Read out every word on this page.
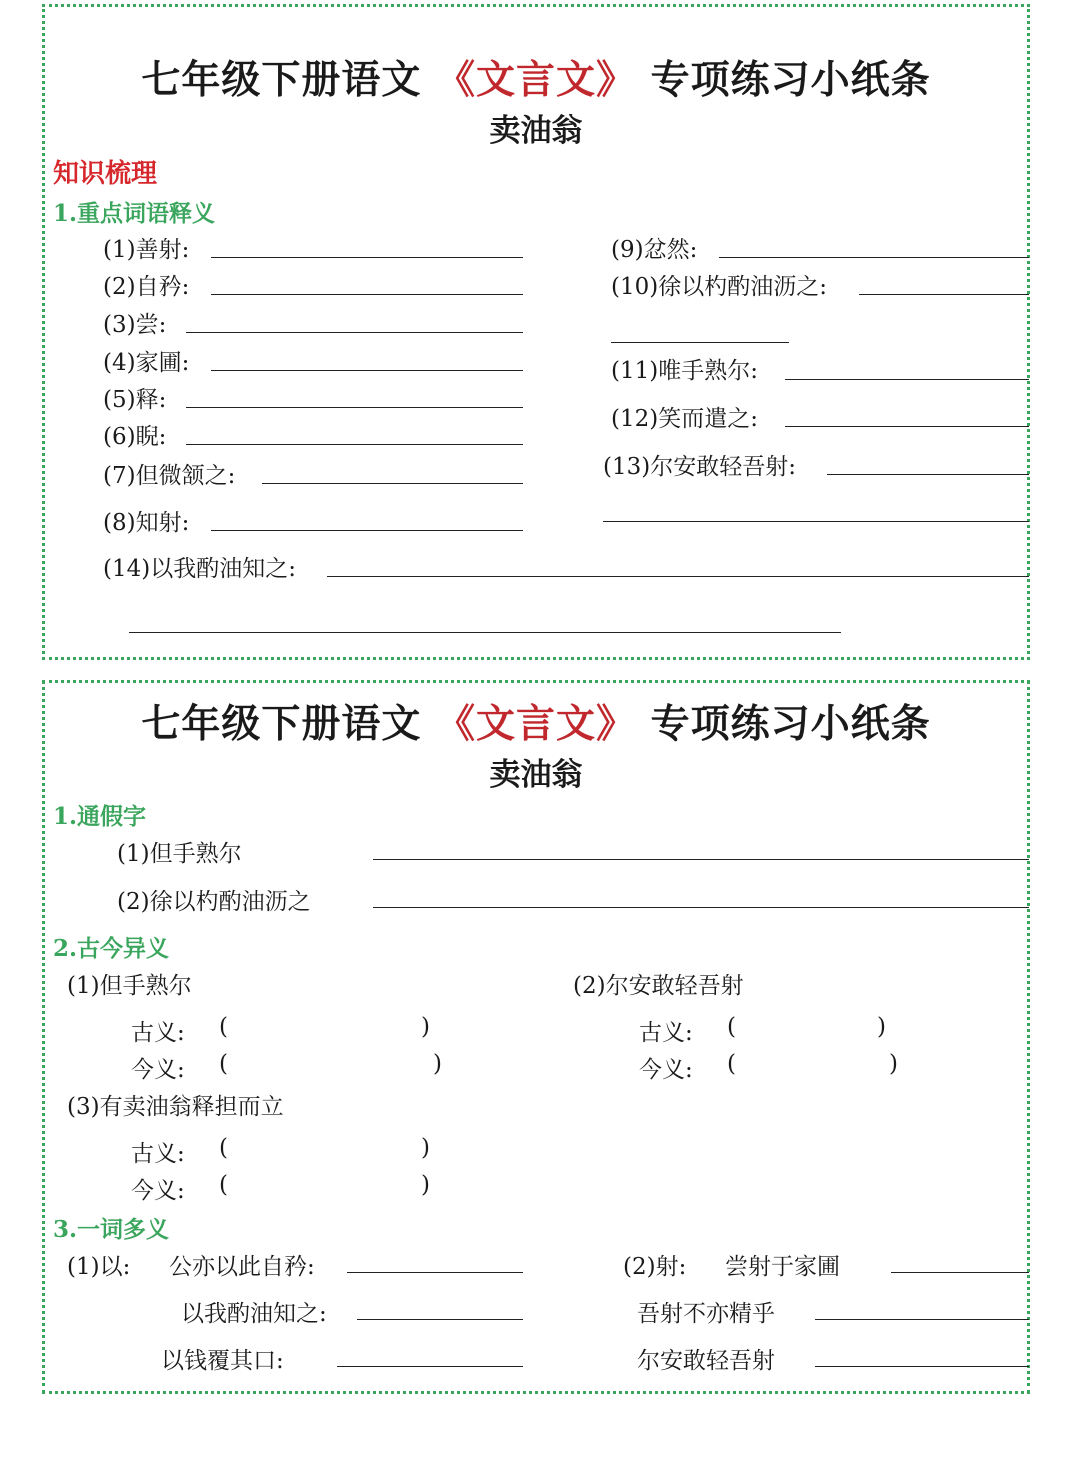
七年级下册语文 《文言文》 专项练习小纸条
卖油翁
知识梳理
1.重点词语释义
(1)善射:
(2)自矜:
(3)尝:
(4)家圃:
(5)释:
(6)睨:
(7)但微颔之:
(8)知射:
(9)忿然:
(10)徐以杓酌油沥之:
(11)唯手熟尔:
(12)笑而遣之:
(13)尔安敢轻吾射:
(14)以我酌油知之:
七年级下册语文 《文言文》 专项练习小纸条
卖油翁
1.通假字
(1)但手熟尔
(2)徐以杓酌油沥之
2.古今异义
(1)但手熟尔
古义: (	)
今义: (	)
(2)尔安敢轻吾射
古义: (	)
今义: (	)
(3)有卖油翁释担而立
古义: (	)
今义: (	)
3.一词多义
(1)以: 公亦以此自矜:
以我酌油知之:
以钱覆其口:
(2)射: 尝射于家圃
吾射不亦精乎
尔安敢轻吾射
